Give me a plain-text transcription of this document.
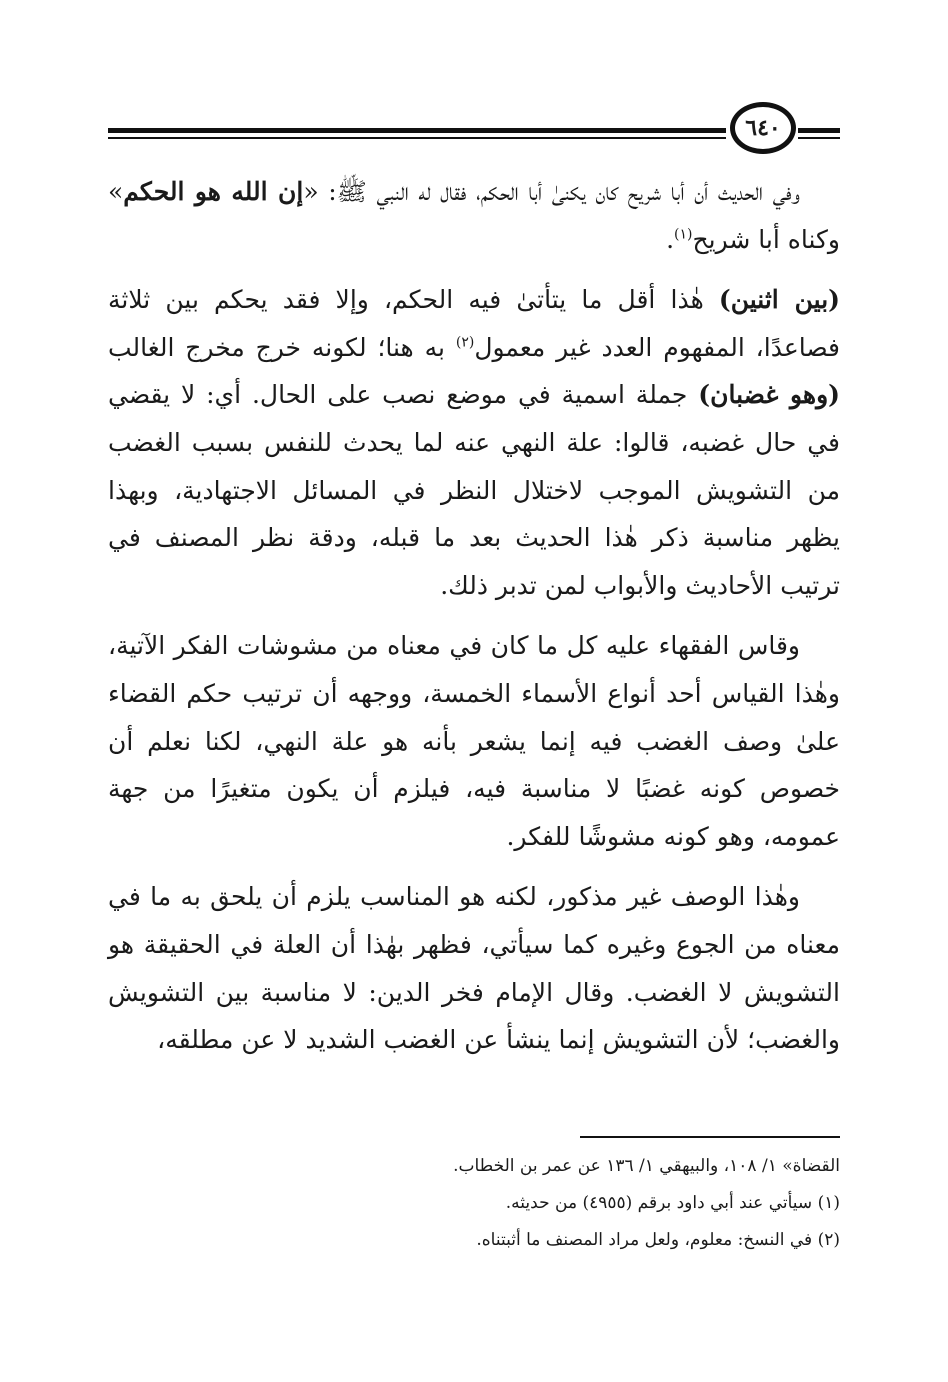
٦٤٠

وفي الحديث أن أبا شريح كان يكنىٰ أبا الحكم، فقال له النبي ﷺ: «إن الله هو الحكم» وكناه أبا شريح$^{(١)}$.

(بين اثنين) هٰذا أقل ما يتأتىٰ فيه الحكم، وإلا فقد يحكم بين ثلاثة فصاعدًا، المفهوم العدد غير معمول$^{(٢)}$ به هنا؛ لكونه خرج مخرج الغالب (وهو غضبان) جملة اسمية في موضع نصب على الحال. أي: لا يقضي في حال غضبه، قالوا: علة النهي عنه لما يحدث للنفس بسبب الغضب من التشويش الموجب لاختلال النظر في المسائل الاجتهادية، وبهذا يظهر مناسبة ذكر هٰذا الحديث بعد ما قبله، ودقة نظر المصنف في ترتيب الأحاديث والأبواب لمن تدبر ذلك.

وقاس الفقهاء عليه كل ما كان في معناه من مشوشات الفكر الآتية، وهٰذا القياس أحد أنواع الأسماء الخمسة، ووجهه أن ترتيب حكم القضاء علىٰ وصف الغضب فيه إنما يشعر بأنه هو علة النهي، لكنا نعلم أن خصوص كونه غضبًا لا مناسبة فيه، فيلزم أن يكون متغيرًا من جهة عمومه، وهو كونه مشوشًا للفكر.

وهٰذا الوصف غير مذكور، لكنه هو المناسب يلزم أن يلحق به ما في معناه من الجوع وغيره كما سيأتي، فظهر بهٰذا أن العلة في الحقيقة هو التشويش لا الغضب. وقال الإمام فخر الدين: لا مناسبة بين التشويش والغضب؛ لأن التشويش إنما ينشأ عن الغضب الشديد لا عن مطلقه،

القضاة» ١/ ١٠٨، والبيهقي ١/ ١٣٦ عن عمر بن الخطاب.
(١) سيأتي عند أبي داود برقم (٤٩٥٥) من حديثه.
(٢) في النسخ: معلوم، ولعل مراد المصنف ما أثبتناه.
